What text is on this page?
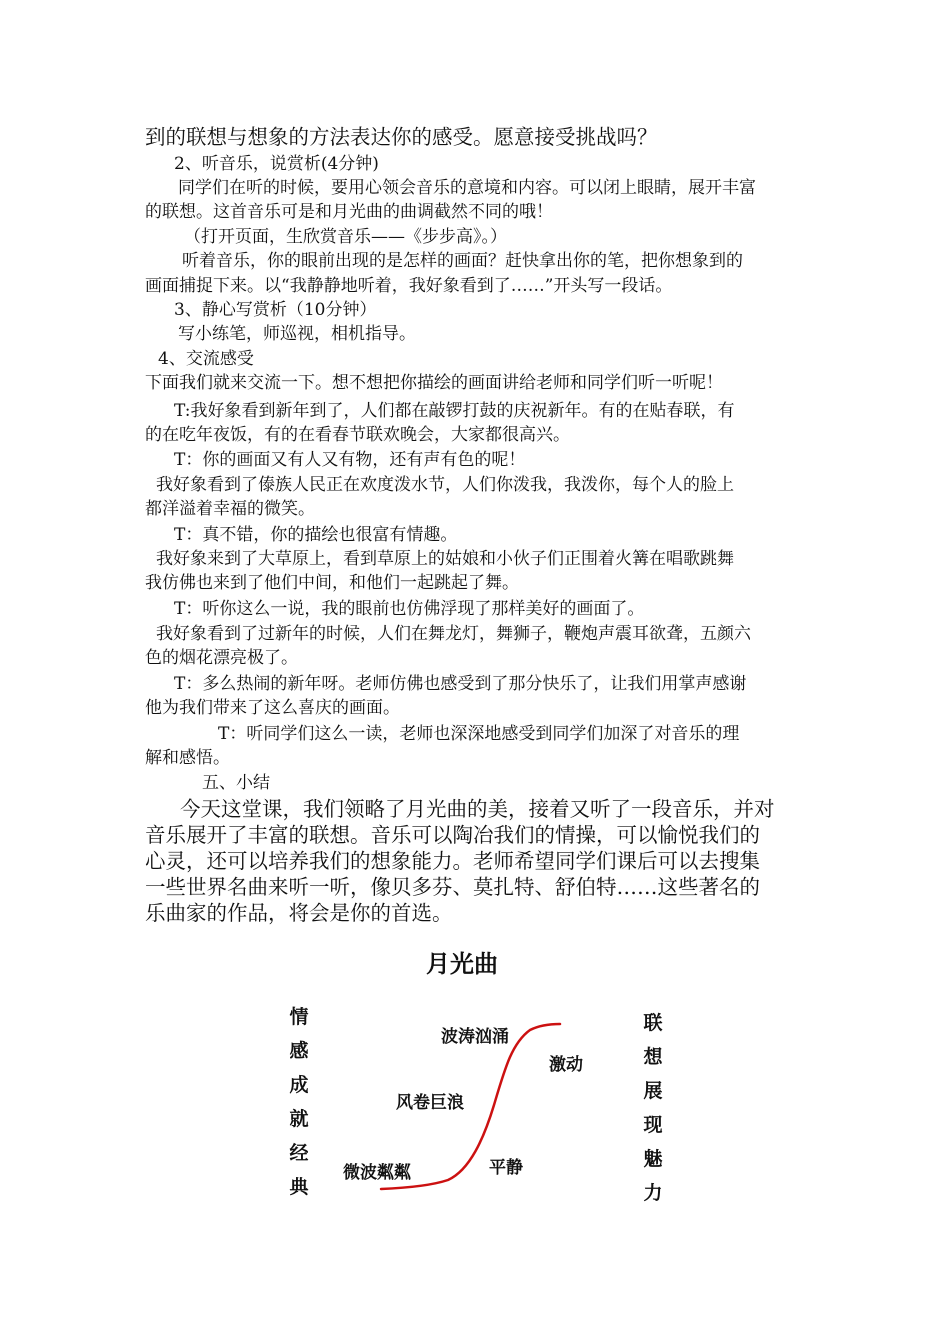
到的联想与想象的方法表达你的感受。愿意接受挑战吗？
2、听音乐，说赏析(4分钟)
同学们在听的时候，要用心领会音乐的意境和内容。可以闭上眼睛，展开丰富
的联想。这首音乐可是和月光曲的曲调截然不同的哦！
（打开页面，生欣赏音乐——《步步高》。）
听着音乐，你的眼前出现的是怎样的画面？赶快拿出你的笔，把你想象到的
画面捕捉下来。以“我静静地听着，我好象看到了……”开头写一段话。
3、静心写赏析（10分钟）
写小练笔，师巡视，相机指导。
4、交流感受
下面我们就来交流一下。想不想把你描绘的画面讲给老师和同学们听一听呢！
T:我好象看到新年到了，人们都在敲锣打鼓的庆祝新年。有的在贴春联，有
的在吃年夜饭，有的在看春节联欢晚会，大家都很高兴。
T：你的画面又有人又有物，还有声有色的呢！
我好象看到了傣族人民正在欢度泼水节，人们你泼我，我泼你，每个人的脸上
都洋溢着幸福的微笑。
T：真不错，你的描绘也很富有情趣。
我好象来到了大草原上，看到草原上的姑娘和小伙子们正围着火篝在唱歌跳舞
我仿佛也来到了他们中间，和他们一起跳起了舞。
T：听你这么一说，我的眼前也仿佛浮现了那样美好的画面了。
我好象看到了过新年的时候，人们在舞龙灯，舞狮子，鞭炮声震耳欲聋，五颜六
色的烟花漂亮极了。
T：多么热闹的新年呀。老师仿佛也感受到了那分快乐了，让我们用掌声感谢
他为我们带来了这么喜庆的画面。
T：听同学们这么一读，老师也深深地感受到同学们加深了对音乐的理
解和感悟。
五、小结
今天这堂课，我们领略了月光曲的美，接着又听了一段音乐，并对
音乐展开了丰富的联想。音乐可以陶冶我们的情操，可以愉悦我们的
心灵，还可以培养我们的想象能力。老师希望同学们课后可以去搜集
一些世界名曲来听一听，像贝多芬、莫扎特、舒伯特……这些著名的
乐曲家的作品，将会是你的首选。
月光曲
情
感
成
就
经
典
联
想
展
现
魅
力
波涛汹涌
激动
风卷巨浪
平静
微波粼粼
